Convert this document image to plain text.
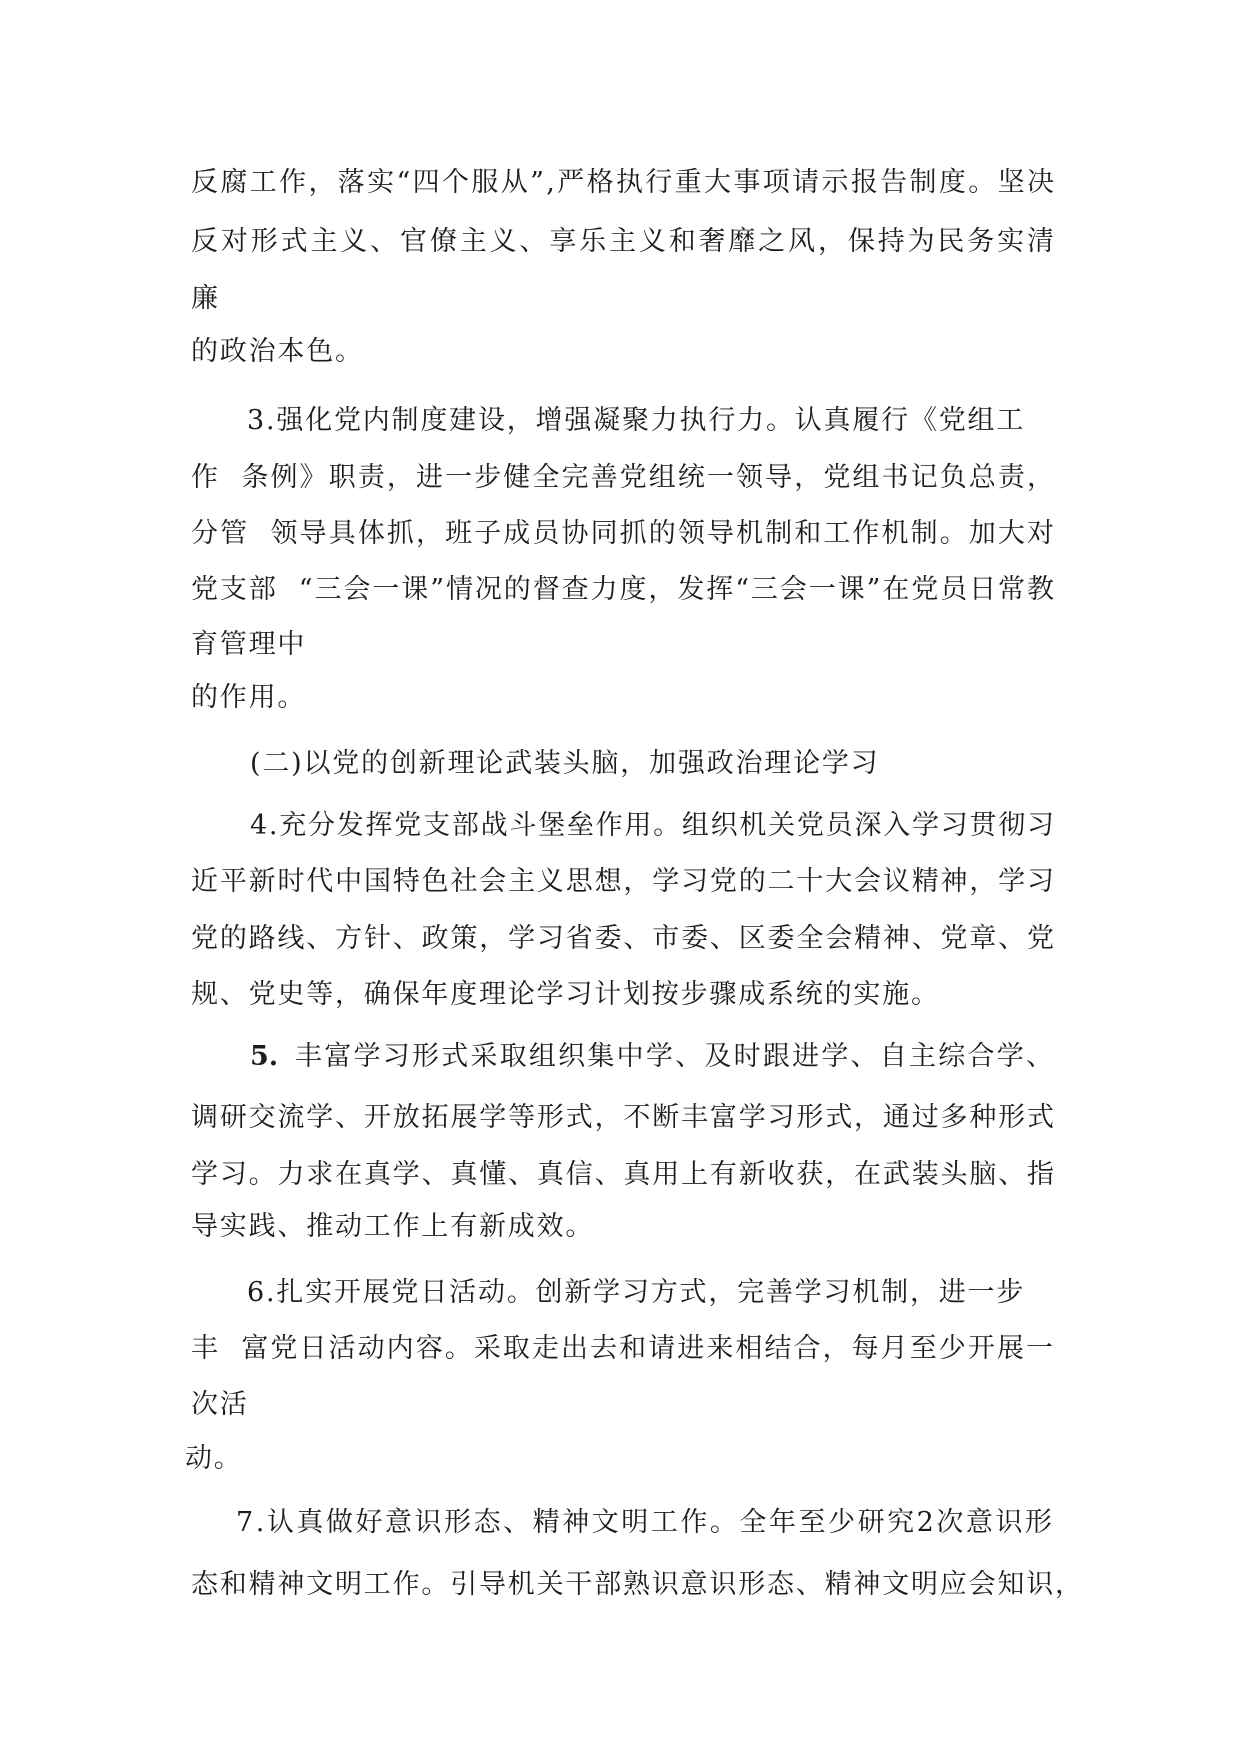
反腐工作，落实“四个服从”,严格执行重大事项请示报告制度。坚决
反对形式主义、官僚主义、享乐主义和奢靡之风，保持为民务实清
廉
的政治本色。
3.强化党内制度建设，增强凝聚力执行力。认真履行《党组工
作  条例》职责，进一步健全完善党组统一领导，党组书记负总责，
分管  领导具体抓，班子成员协同抓的领导机制和工作机制。加大对
党支部  “三会一课”情况的督查力度，发挥“三会一课”在党员日常教
育管理中
的作用。
(二)以党的创新理论武装头脑，加强政治理论学习
4.充分发挥党支部战斗堡垒作用。组织机关党员深入学习贯彻习
近平新时代中国特色社会主义思想，学习党的二十大会议精神，学习
党的路线、方针、政策，学习省委、市委、区委全会精神、党章、党
规、党史等，确保年度理论学习计划按步骤成系统的实施。
5. 丰富学习形式采取组织集中学、及时跟进学、自主综合学、
调研交流学、开放拓展学等形式，不断丰富学习形式，通过多种形式
学习。力求在真学、真懂、真信、真用上有新收获，在武装头脑、指
导实践、推动工作上有新成效。
6.扎实开展党日活动。创新学习方式，完善学习机制，进一步
丰  富党日活动内容。采取走出去和请进来相结合，每月至少开展一
次活
动。
7.认真做好意识形态、精神文明工作。全年至少研究2次意识形
态和精神文明工作。引导机关干部熟识意识形态、精神文明应会知识，
